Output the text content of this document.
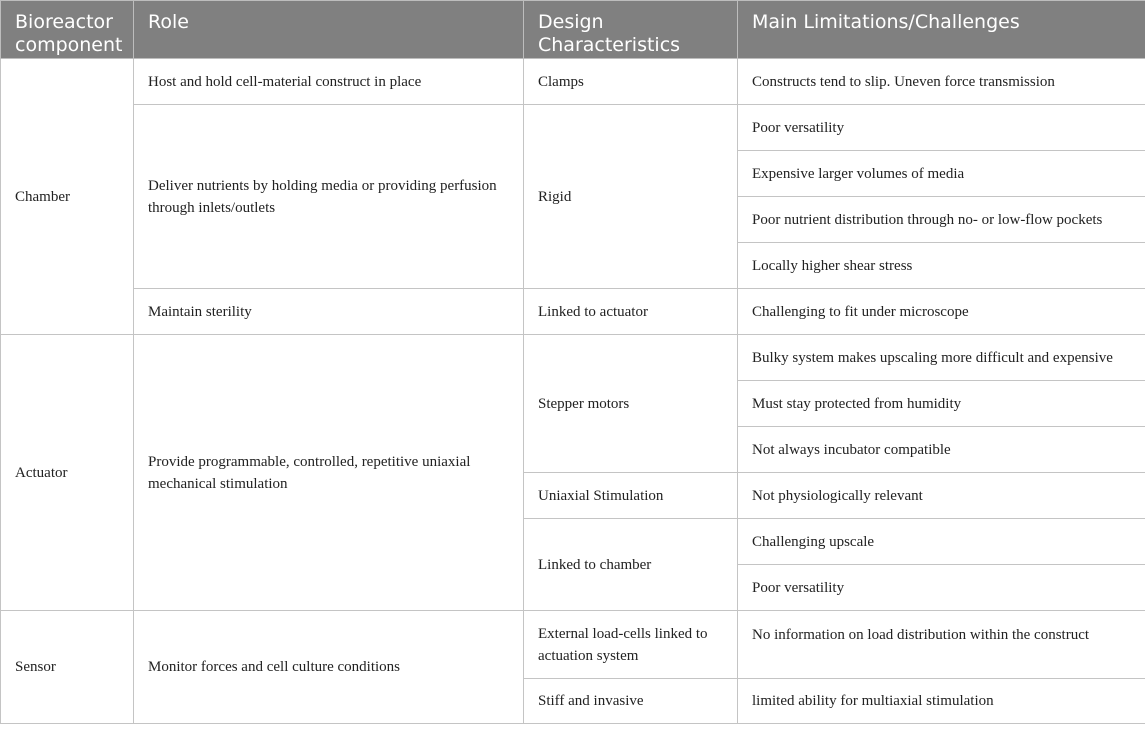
Bioreactor component	Role	Design Characteristics	Main Limitations/Challenges
Chamber	Host and hold cell-material construct in place	Clamps	Constructs tend to slip. Uneven force transmission
	Deliver nutrients by holding media or providing perfusion through inlets/outlets	Rigid	Poor versatility
			Expensive larger volumes of media
			Poor nutrient distribution through no- or low-flow pockets
			Locally higher shear stress
	Maintain sterility	Linked to actuator	Challenging to fit under microscope
Actuator	Provide programmable, controlled, repetitive uniaxial mechanical stimulation	Stepper motors	Bulky system makes upscaling more difficult and expensive
			Must stay protected from humidity
			Not always incubator compatible
		Uniaxial Stimulation	Not physiologically relevant
		Linked to chamber	Challenging upscale
			Poor versatility
Sensor	Monitor forces and cell culture conditions	External load-cells linked to actuation system	No information on load distribution within the construct
		Stiff and invasive	limited ability for multiaxial stimulation
